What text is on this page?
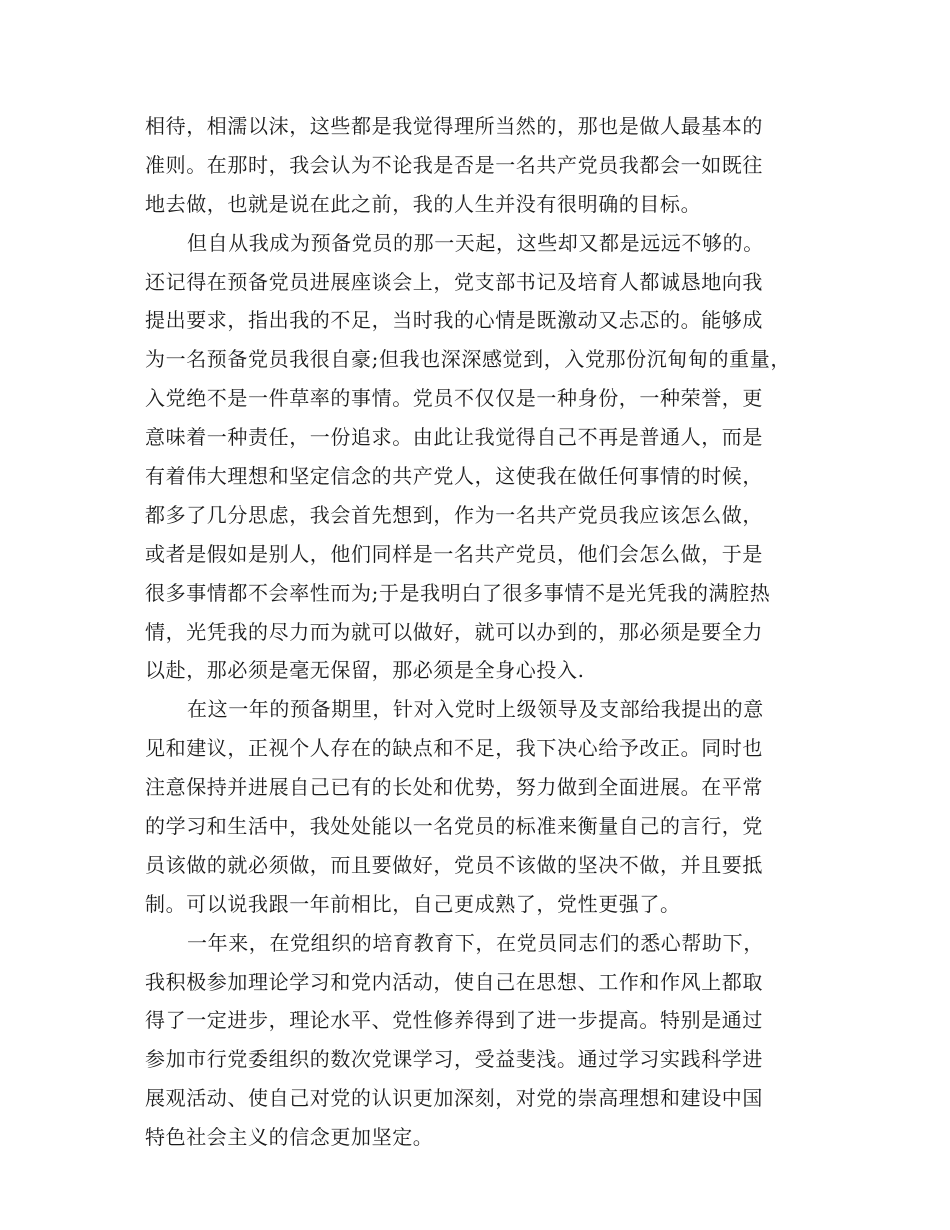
相待，相濡以沫，这些都是我觉得理所当然的，那也是做人最基本的
准则。在那时，我会认为不论我是否是一名共产党员我都会一如既往
地去做，也就是说在此之前，我的人生并没有很明确的目标。
但自从我成为预备党员的那一天起，这些却又都是远远不够的。
还记得在预备党员进展座谈会上，党支部书记及培育人都诚恳地向我
提出要求，指出我的不足，当时我的心情是既激动又忐忑的。能够成
为一名预备党员我很自豪;但我也深深感觉到，入党那份沉甸甸的重量，
入党绝不是一件草率的事情。党员不仅仅是一种身份，一种荣誉，更
意味着一种责任，一份追求。由此让我觉得自己不再是普通人，而是
有着伟大理想和坚定信念的共产党人，这使我在做任何事情的时候，
都多了几分思虑，我会首先想到，作为一名共产党员我应该怎么做，
或者是假如是别人，他们同样是一名共产党员，他们会怎么做，于是
很多事情都不会率性而为;于是我明白了很多事情不是光凭我的满腔热
情，光凭我的尽力而为就可以做好，就可以办到的，那必须是要全力
以赴，那必须是毫无保留，那必须是全身心投入.
在这一年的预备期里，针对入党时上级领导及支部给我提出的意
见和建议，正视个人存在的缺点和不足，我下决心给予改正。同时也
注意保持并进展自己已有的长处和优势，努力做到全面进展。在平常
的学习和生活中，我处处能以一名党员的标准来衡量自己的言行，党
员该做的就必须做，而且要做好，党员不该做的坚决不做，并且要抵
制。可以说我跟一年前相比，自己更成熟了，党性更强了。
一年来，在党组织的培育教育下，在党员同志们的悉心帮助下，
我积极参加理论学习和党内活动，使自己在思想、工作和作风上都取
得了一定进步，理论水平、党性修养得到了进一步提高。特别是通过
参加市行党委组织的数次党课学习，受益斐浅。通过学习实践科学进
展观活动、使自己对党的认识更加深刻，对党的崇高理想和建设中国
特色社会主义的信念更加坚定。
